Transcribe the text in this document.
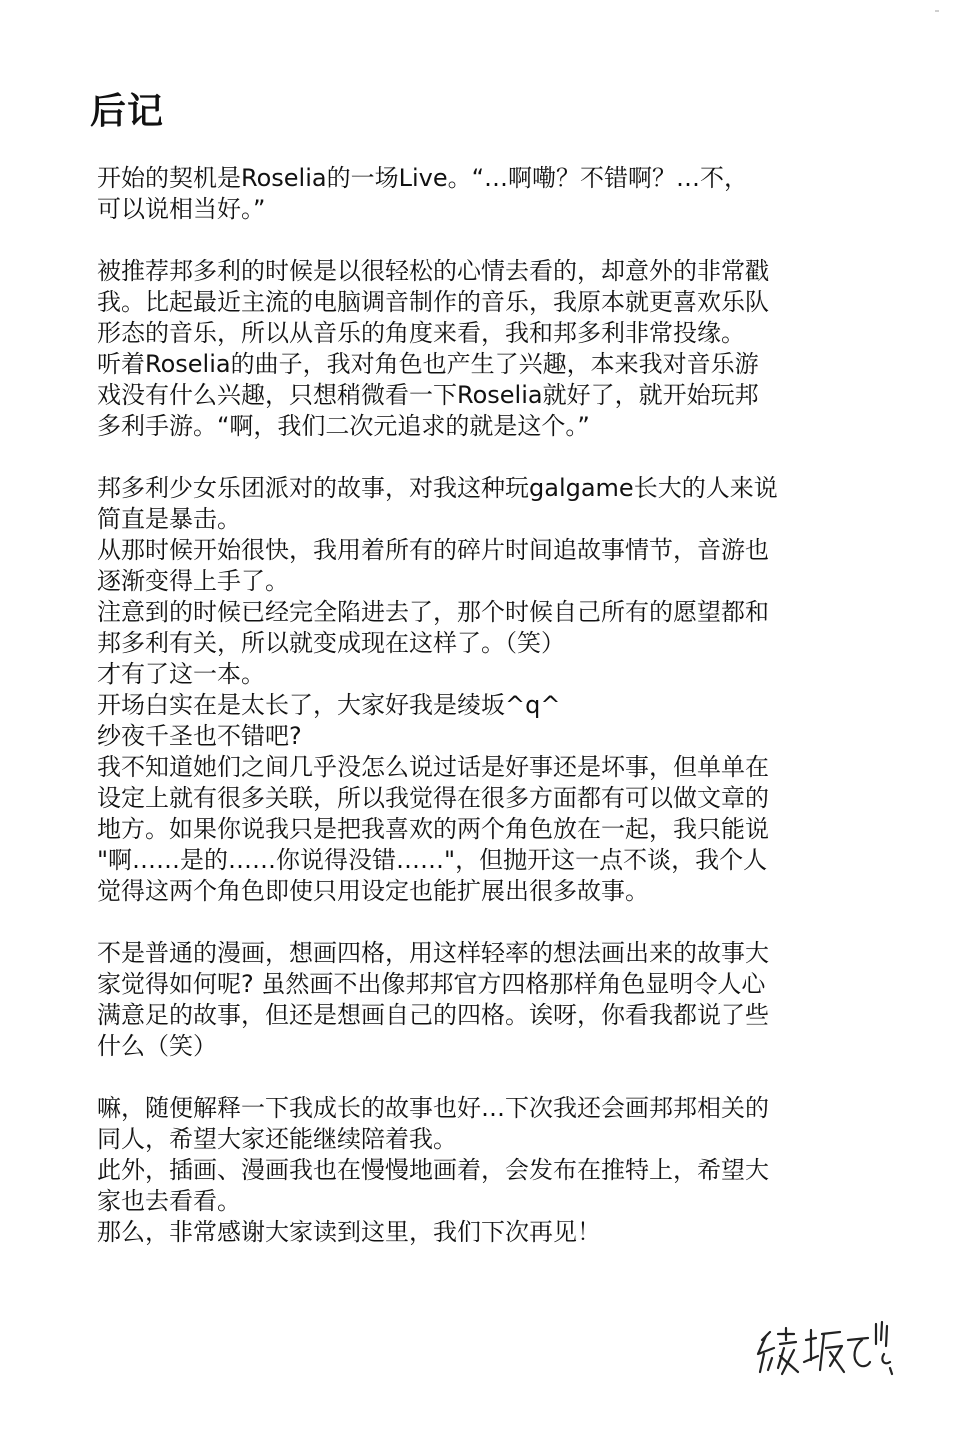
后记
开始的契机是Roselia的一场Live。“…啊嘞？不错啊？…不，
可以说相当好。”
被推荐邦多利的时候是以很轻松的心情去看的，却意外的非常戳
我。比起最近主流的电脑调音制作的音乐，我原本就更喜欢乐队
形态的音乐，所以从音乐的角度来看，我和邦多利非常投缘。
听着Roselia的曲子，我对角色也产生了兴趣，本来我对音乐游
戏没有什么兴趣，只想稍微看一下Roselia就好了，就开始玩邦
多利手游。“啊，我们二次元追求的就是这个。”
邦多利少女乐团派对的故事，对我这种玩galgame长大的人来说
简直是暴击。
从那时候开始很快，我用着所有的碎片时间追故事情节，音游也
逐渐变得上手了。
注意到的时候已经完全陷进去了，那个时候自己所有的愿望都和
邦多利有关，所以就变成现在这样了。（笑）
才有了这一本。
开场白实在是太长了，大家好我是绫坂^q^
纱夜千圣也不错吧?
我不知道她们之间几乎没怎么说过话是好事还是坏事，但单单在
设定上就有很多关联，所以我觉得在很多方面都有可以做文章的
地方。如果你说我只是把我喜欢的两个角色放在一起，我只能说
"啊……是的……你说得没错……"，但抛开这一点不谈，我个人
觉得这两个角色即使只用设定也能扩展出很多故事。
不是普通的漫画，想画四格，用这样轻率的想法画出来的故事大
家觉得如何呢? 虽然画不出像邦邦官方四格那样角色显明令人心
满意足的故事，但还是想画自己的四格。诶呀，你看我都说了些
什么（笑）
嘛，随便解释一下我成长的故事也好…下次我还会画邦邦相关的
同人，希望大家还能继续陪着我。
此外，插画、漫画我也在慢慢地画着，会发布在推特上，希望大
家也去看看。
那么，非常感谢大家读到这里，我们下次再见！
